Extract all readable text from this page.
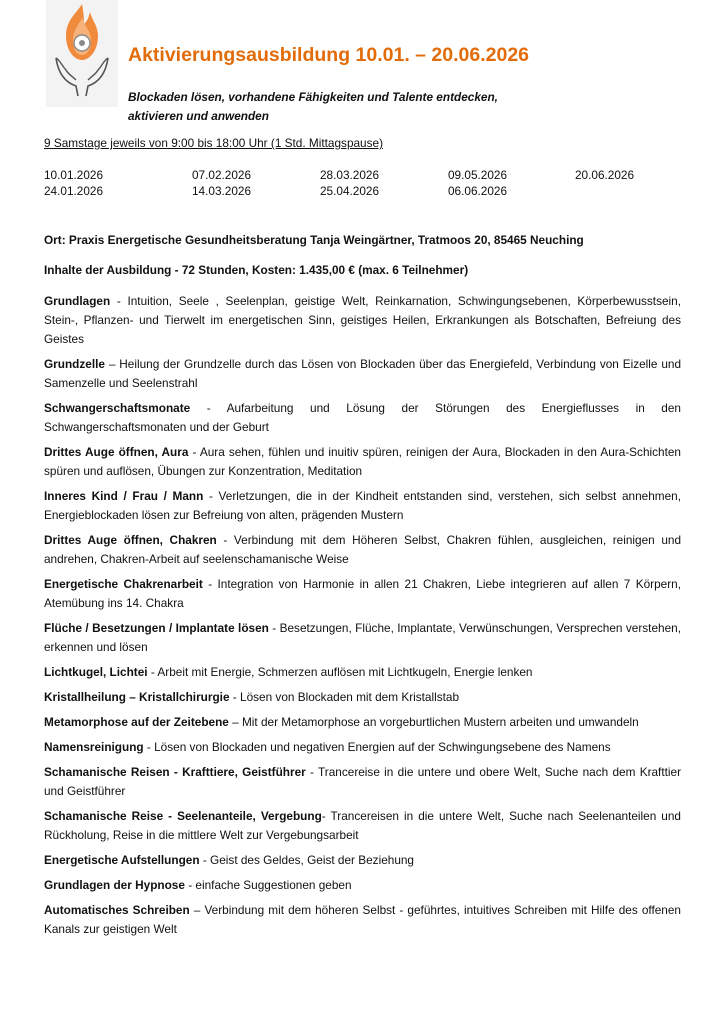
Aktivierungsausbildung 10.01. – 20.06.2026
Blockaden lösen, vorhandene Fähigkeiten und Talente entdecken,
aktivieren und anwenden
9 Samstage jeweils von 9:00 bis 18:00 Uhr (1 Std. Mittagspause)
10.01.2026	07.02.2026	28.03.2026	09.05.2026	20.06.2026
24.01.2026	14.03.2026	25.04.2026	06.06.2026
Ort: Praxis Energetische Gesundheitsberatung Tanja Weingärtner, Tratmoos 20, 85465 Neuching
Inhalte der Ausbildung - 72 Stunden, Kosten: 1.435,00 € (max. 6 Teilnehmer)

Grundlagen - Intuition, Seele , Seelenplan, geistige Welt, Reinkarnation, Schwingungsebenen, Körperbewusstsein, Stein-, Pflanzen- und Tierwelt im energetischen Sinn, geistiges Heilen, Erkrankungen als Botschaften, Befreiung des Geistes

Grundzelle – Heilung der Grundzelle durch das Lösen von Blockaden über das Energiefeld, Verbindung von Eizelle und Samenzelle und Seelenstrahl

Schwangerschaftsmonate - Aufarbeitung und Lösung der Störungen des Energieflusses in den Schwangerschaftsmonaten und der Geburt

Drittes Auge öffnen, Aura - Aura sehen, fühlen und inuitiv spüren, reinigen der Aura, Blockaden in den Aura-Schichten spüren und auflösen, Übungen zur Konzentration, Meditation

Inneres Kind / Frau / Mann - Verletzungen, die in der Kindheit entstanden sind, verstehen, sich selbst annehmen, Energieblockaden lösen zur Befreiung von alten, prägenden Mustern

Drittes Auge öffnen, Chakren - Verbindung mit dem Höheren Selbst, Chakren fühlen, ausgleichen, reinigen und andrehen, Chakren-Arbeit auf seelenschamanische Weise

Energetische Chakrenarbeit - Integration von Harmonie in allen 21 Chakren, Liebe integrieren auf allen 7 Körpern, Atemübung ins 14. Chakra

Flüche / Besetzungen / Implantate lösen - Besetzungen, Flüche, Implantate, Verwünschungen, Versprechen verstehen, erkennen und lösen

Lichtkugel, Lichtei - Arbeit mit Energie, Schmerzen auflösen mit Lichtkugeln, Energie lenken

Kristallheilung – Kristallchirurgie - Lösen von Blockaden mit dem Kristallstab

Metamorphose auf der Zeitebene – Mit der Metamorphose an vorgeburtlichen Mustern arbeiten und umwandeln

Namensreinigung - Lösen von Blockaden und negativen Energien auf der Schwingungsebene des Namens

Schamanische Reisen - Krafttiere, Geistführer - Trancereise in die untere und obere Welt, Suche nach dem Krafttier und Geistführer

Schamanische Reise - Seelenanteile, Vergebung- Trancereisen in die untere Welt, Suche nach Seelenanteilen und Rückholung, Reise in die mittlere Welt zur Vergebungsarbeit

Energetische Aufstellungen - Geist des Geldes, Geist der Beziehung

Grundlagen der Hypnose - einfache Suggestionen geben

Automatisches Schreiben – Verbindung mit dem höheren Selbst - geführtes, intuitives Schreiben mit Hilfe des offenen Kanals zur geistigen Welt
